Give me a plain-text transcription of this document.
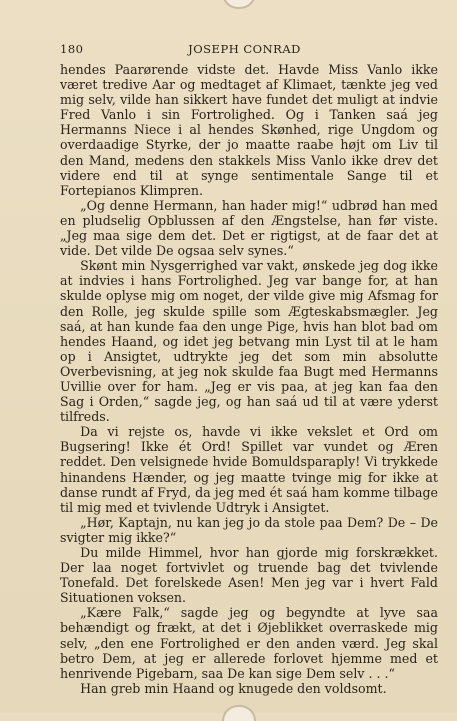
180	JOSEPH CONRAD

hendes Paarørende vidste det. Havde Miss Vanlo ikke været tredive Aar og medtaget af Klimaet, tænkte jeg ved mig selv, vilde han sikkert have fundet det muligt at indvie Fred Vanlo i sin Fortrolighed. Og i Tanken saá jeg Hermanns Niece i al hendes Skønhed, rige Ungdom og overdaadige Styrke, der jo maatte raabe højt om Liv til den Mand, medens den stakkels Miss Vanlo ikke drev det videre end til at synge sentimentale Sange til et Fortepianos Klimpren.

„Og denne Hermann, han hader mig!“ udbrød han med en pludselig Opblussen af den Ængstelse, han før viste. „Jeg maa sige dem det. Det er rigtigst, at de faar det at vide. Det vilde De ogsaa selv synes.“

Skønt min Nysgerrighed var vakt, ønskede jeg dog ikke at indvies i hans Fortrolighed. Jeg var bange for, at han skulde oplyse mig om noget, der vilde give mig Afsmag for den Rolle, jeg skulde spille som Ægteskabsmægler. Jeg saá, at han kunde faa den unge Pige, hvis han blot bad om hendes Haand, og idet jeg betvang min Lyst til at le ham op i Ansigtet, udtrykte jeg det som min absolutte Overbevisning, at jeg nok skulde faa Bugt med Hermanns Uvillie over for ham. „Jeg er vis paa, at jeg kan faa den Sag i Orden,“ sagde jeg, og han saá ud til at være yderst tilfreds.

Da vi rejste os, havde vi ikke vekslet et Ord om Bugsering! Ikke ét Ord! Spillet var vundet og Æren reddet. Den velsignede hvide Bomuldsparaply! Vi trykkede hinandens Hænder, og jeg maatte tvinge mig for ikke at danse rundt af Fryd, da jeg med ét saá ham komme tilbage til mig med et tvivlende Udtryk i Ansigtet.

„Hør, Kaptajn, nu kan jeg jo da stole paa Dem? De – De svigter mig ikke?“

Du milde Himmel, hvor han gjorde mig forskrækket. Der laa noget fortvivlet og truende bag det tvivlende Tonefald. Det forelskede Asen! Men jeg var i hvert Fald Situationen voksen.

„Kære Falk,“ sagde jeg og begyndte at lyve saa behændigt og frækt, at det i Øjeblikket overraskede mig selv, „den ene Fortrolighed er den anden værd. Jeg skal betro Dem, at jeg er allerede forlovet hjemme med et henrivende Pigebarn, saa De kan sige Dem selv . . .“

Han greb min Haand og knugede den voldsomt.
